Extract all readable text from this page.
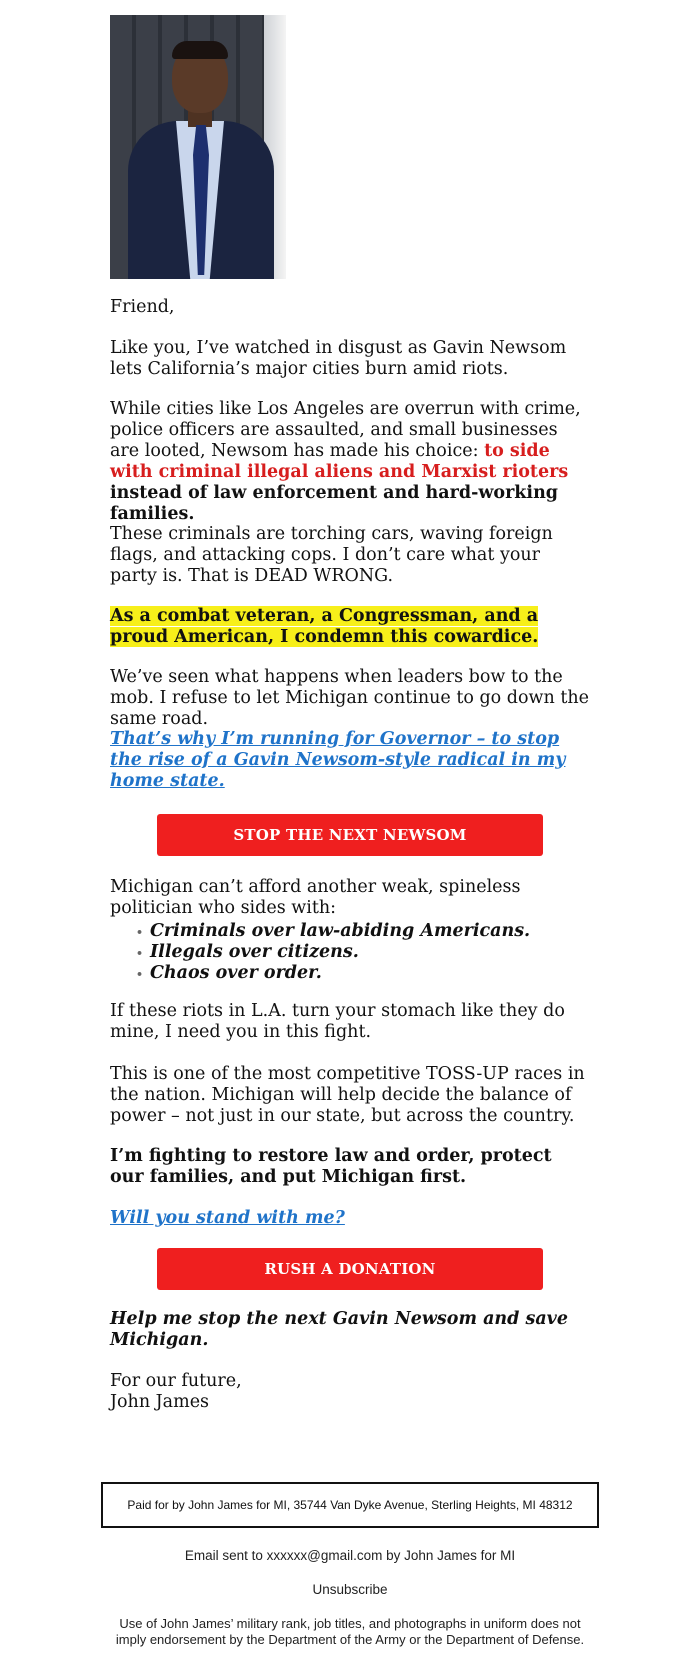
Friend,

Like you, I’ve watched in disgust as Gavin Newsom lets California’s major cities burn amid riots.

While cities like Los Angeles are overrun with crime, police officers are assaulted, and small businesses are looted, Newsom has made his choice: to side with criminal illegal aliens and Marxist rioters instead of law enforcement and hard-working families.

These criminals are torching cars, waving foreign flags, and attacking cops. I don’t care what your party is. That is DEAD WRONG.

As a combat veteran, a Congressman, and a proud American, I condemn this cowardice.

We’ve seen what happens when leaders bow to the mob. I refuse to let Michigan continue to go down the same road.

That’s why I’m running for Governor – to stop the rise of a Gavin Newsom-style radical in my home state.

STOP THE NEXT NEWSOM

Michigan can’t afford another weak, spineless politician who sides with:

• Criminals over law-abiding Americans.
• Illegals over citizens.
• Chaos over order.

If these riots in L.A. turn your stomach like they do mine, I need you in this fight.

This is one of the most competitive TOSS-UP races in the nation. Michigan will help decide the balance of power – not just in our state, but across the country.

I’m fighting to restore law and order, protect our families, and put Michigan first.

Will you stand with me?

RUSH A DONATION

Help me stop the next Gavin Newsom and save Michigan.

For our future,

John James

Paid for by John James for MI, 35744 Van Dyke Avenue, Sterling Heights, MI 48312
Email sent to xxxxxx@gmail.com by John James for MI
Unsubscribe
Use of John James’ military rank, job titles, and photographs in uniform does not imply endorsement by the Department of the Army or the Department of Defense.
